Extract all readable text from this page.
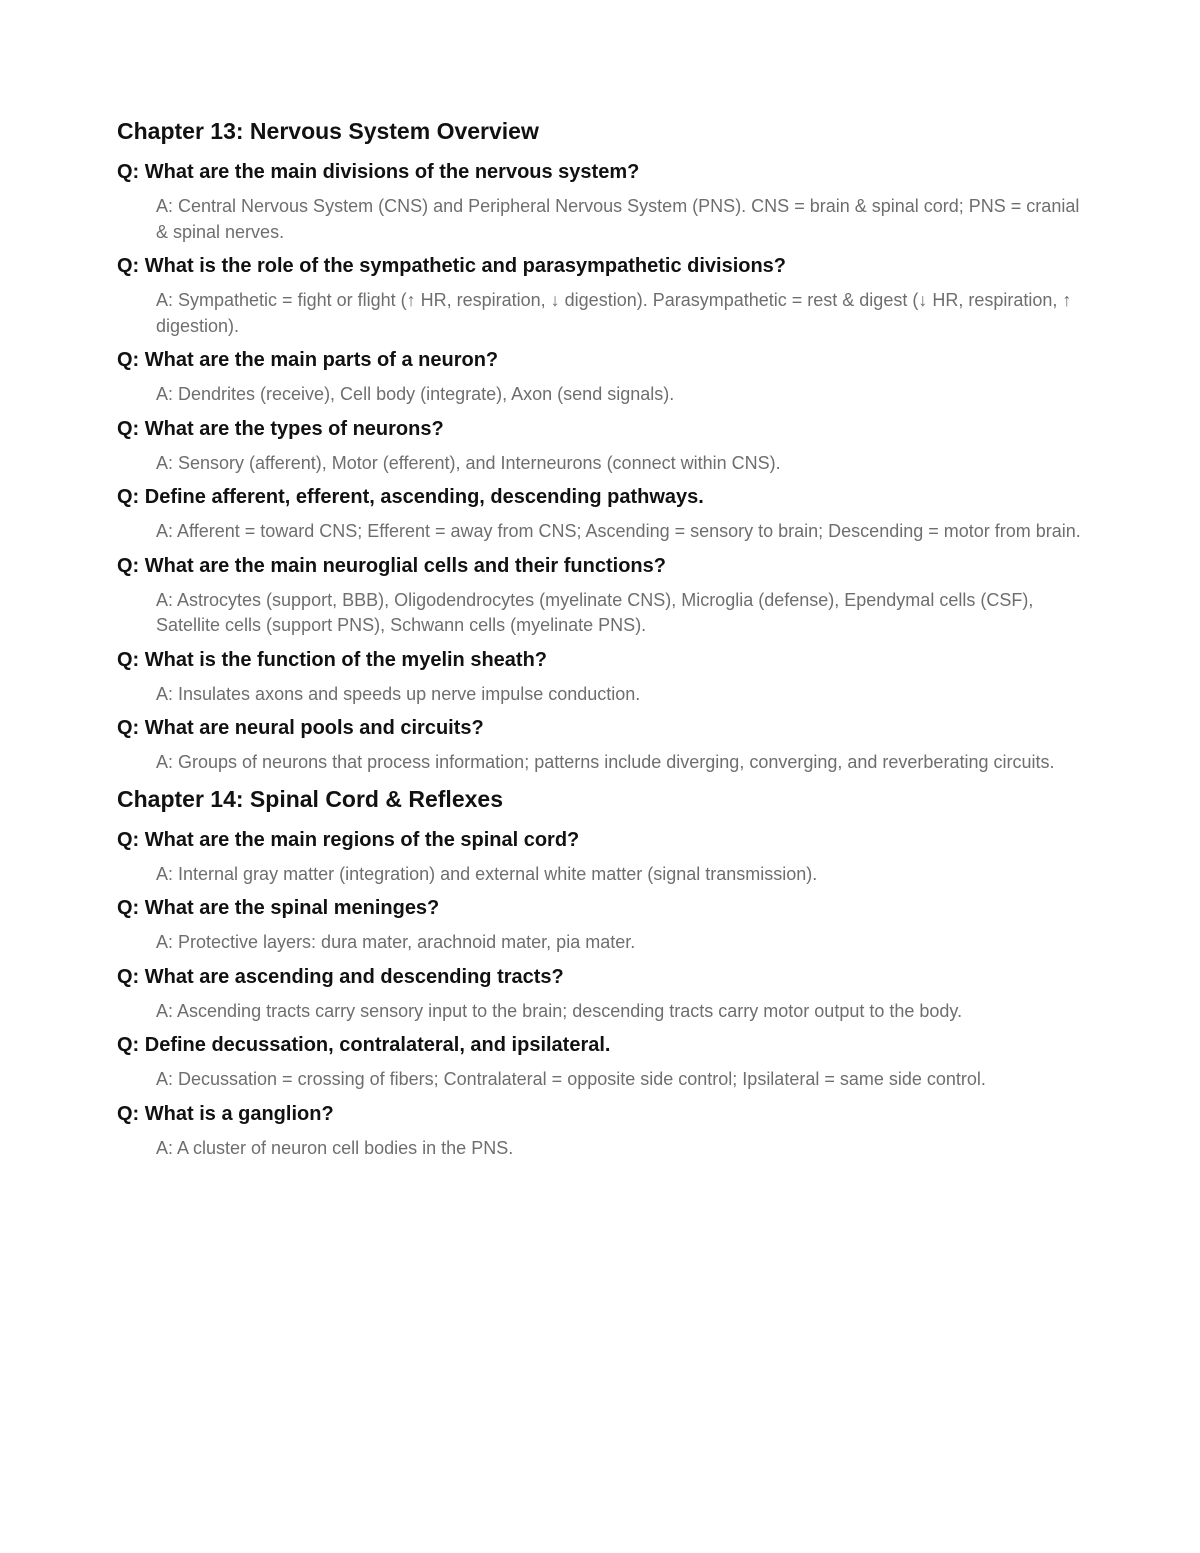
Chapter 13: Nervous System Overview
Q: What are the main divisions of the nervous system?
A: Central Nervous System (CNS) and Peripheral Nervous System (PNS). CNS = brain & spinal cord; PNS = cranial & spinal nerves.
Q: What is the role of the sympathetic and parasympathetic divisions?
A: Sympathetic = fight or flight (↑ HR, respiration, ↓ digestion). Parasympathetic = rest & digest (↓ HR, respiration, ↑ digestion).
Q: What are the main parts of a neuron?
A: Dendrites (receive), Cell body (integrate), Axon (send signals).
Q: What are the types of neurons?
A: Sensory (afferent), Motor (efferent), and Interneurons (connect within CNS).
Q: Define afferent, efferent, ascending, descending pathways.
A: Afferent = toward CNS; Efferent = away from CNS; Ascending = sensory to brain; Descending = motor from brain.
Q: What are the main neuroglial cells and their functions?
A: Astrocytes (support, BBB), Oligodendrocytes (myelinate CNS), Microglia (defense), Ependymal cells (CSF), Satellite cells (support PNS), Schwann cells (myelinate PNS).
Q: What is the function of the myelin sheath?
A: Insulates axons and speeds up nerve impulse conduction.
Q: What are neural pools and circuits?
A: Groups of neurons that process information; patterns include diverging, converging, and reverberating circuits.
Chapter 14: Spinal Cord & Reflexes
Q: What are the main regions of the spinal cord?
A: Internal gray matter (integration) and external white matter (signal transmission).
Q: What are the spinal meninges?
A: Protective layers: dura mater, arachnoid mater, pia mater.
Q: What are ascending and descending tracts?
A: Ascending tracts carry sensory input to the brain; descending tracts carry motor output to the body.
Q: Define decussation, contralateral, and ipsilateral.
A: Decussation = crossing of fibers; Contralateral = opposite side control; Ipsilateral = same side control.
Q: What is a ganglion?
A: A cluster of neuron cell bodies in the PNS.
